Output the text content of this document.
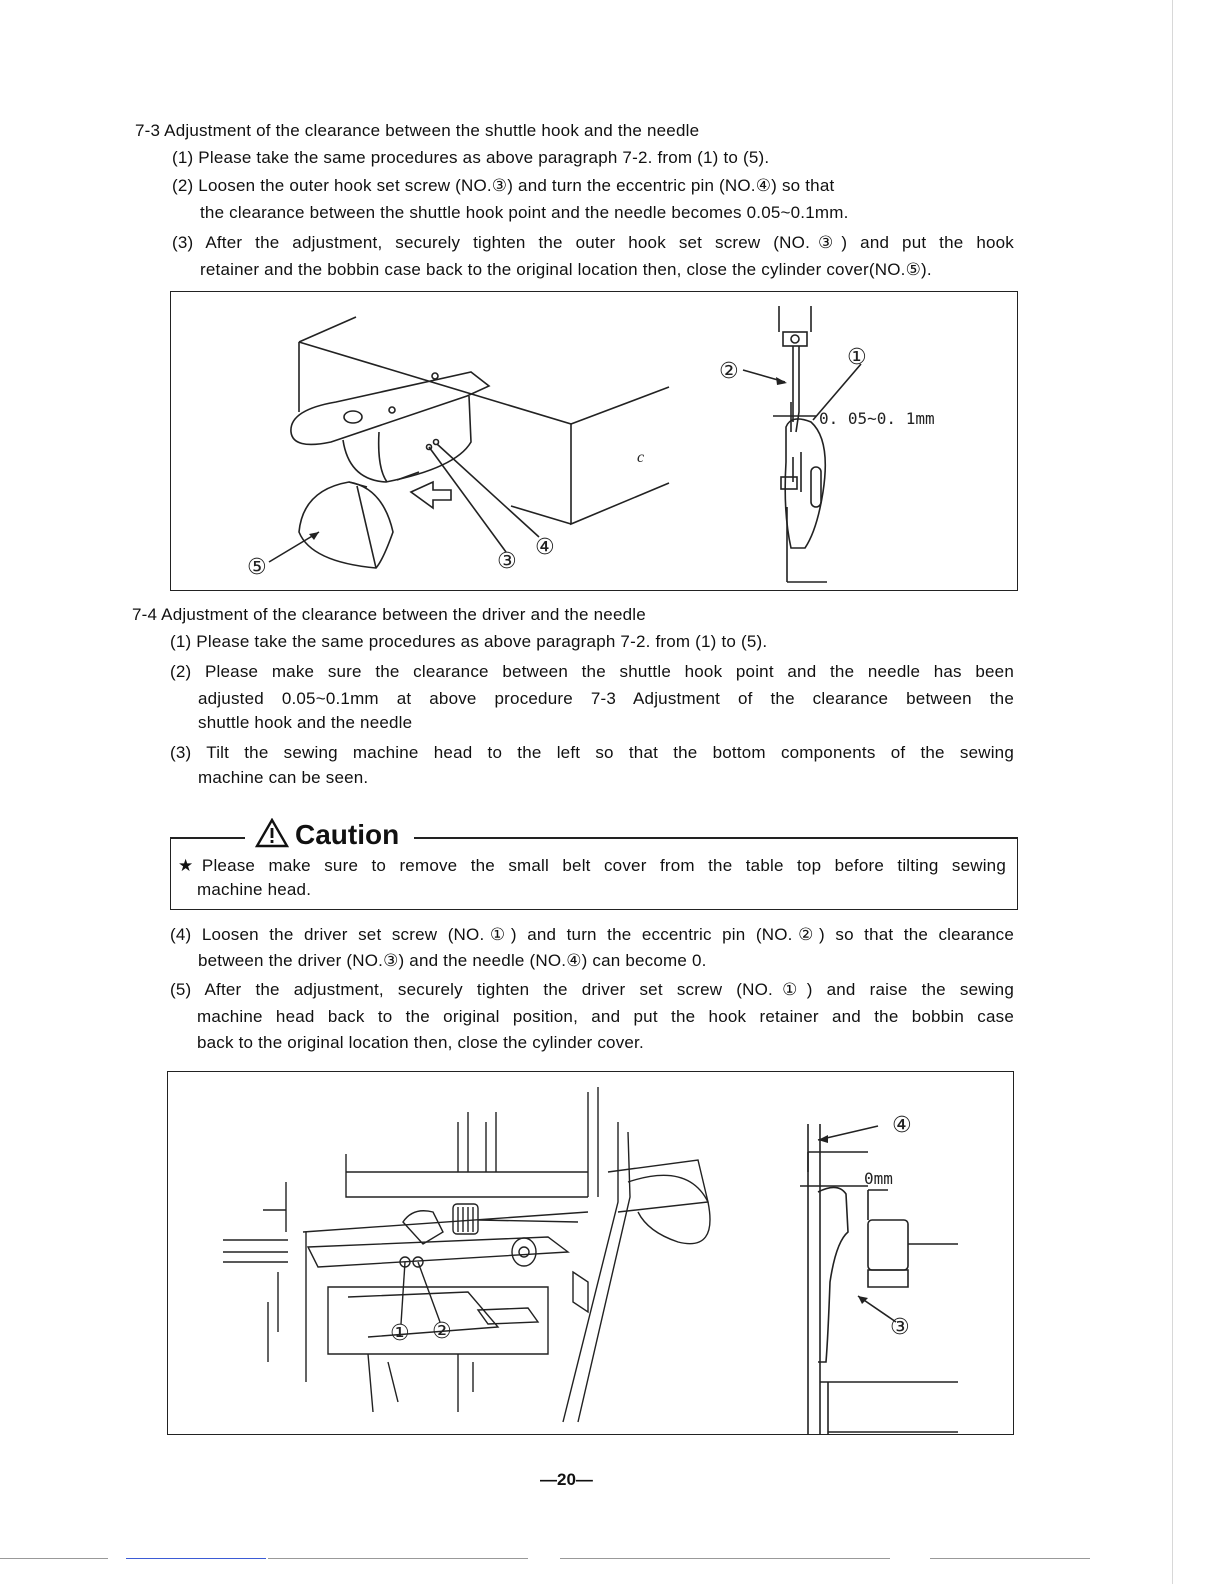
7-3 Adjustment of the clearance between the shuttle hook and the needle
(1) Please take the same procedures as above paragraph 7-2. from (1) to (5).
(2) Loosen the outer hook set screw (NO.③) and turn the eccentric pin (NO.④) so that
the clearance between the shuttle hook point and the needle becomes 0.05~0.1mm.
(3) After the adjustment, securely tighten the outer hook set screw (NO.③) and put the hook
retainer and the bobbin case back to the original location then, close the cylinder cover(NO.⑤).
c
①
②
③
④
⑤
0. 05~0. 1mm
7-4 Adjustment of the clearance between the driver and the needle
(1) Please take the same procedures as above paragraph 7-2. from (1) to (5).
(2) Please make sure the clearance between the shuttle hook point and the needle has been
adjusted 0.05~0.1mm at above procedure 7-3 Adjustment of the clearance between the
shuttle hook and the needle
(3) Tilt the sewing machine head to the left so that the bottom components of the sewing
machine can be seen.
Caution
★Please make sure to remove the small belt cover from the table top before tilting sewing
machine head.
(4) Loosen the driver set screw (NO.①) and turn the eccentric pin (NO.②) so that the clearance
between the driver (NO.③) and the needle (NO.④) can become 0.
(5) After the adjustment, securely tighten the driver set screw (NO.①) and raise the sewing
machine head back to the original position, and put the hook retainer and the bobbin case
back to the original location then, close the cylinder cover.
① ②	③
④
0mm
—20—
